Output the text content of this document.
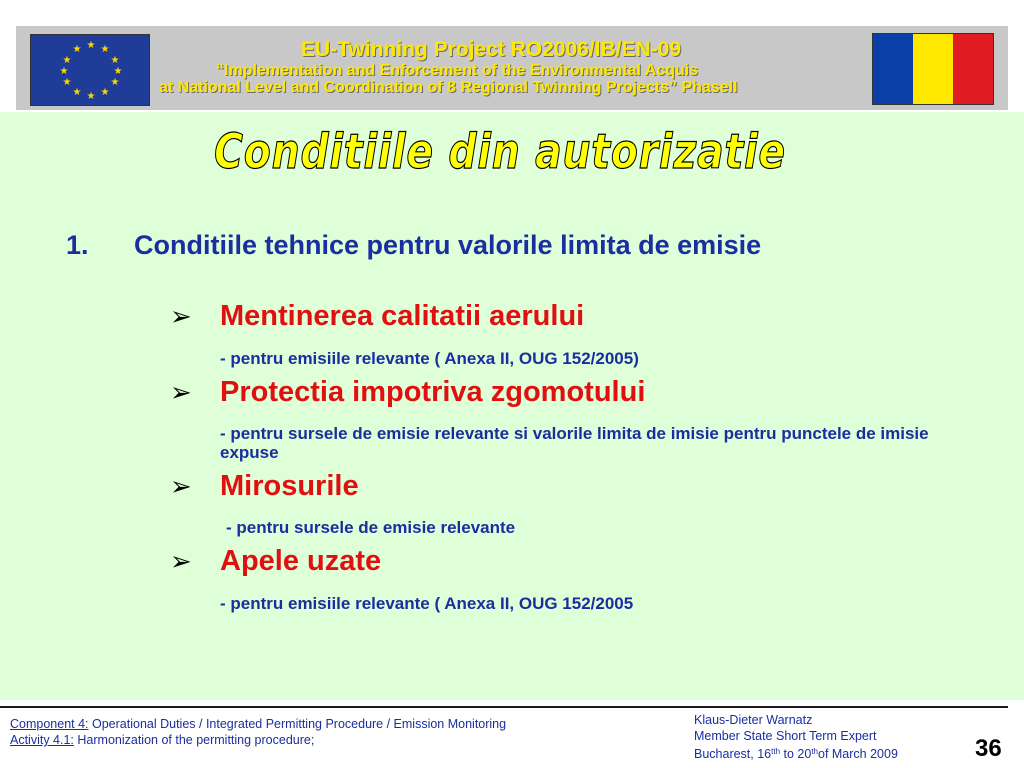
★ ★
★
★
★
★
★
★
★
★
★
★	EU-Twinning Project RO2006/IB/EN-09
“Implementation and Enforcement of the Environmental Acquis
at National Level and Coordination of 8 Regional Twinning Projects” PhaseII
Conditiile din autorizatie
1. Conditiile tehnice pentru valorile limita de emisie
➢ Mentinerea calitatii aerului
- pentru emisiile relevante ( Anexa II, OUG 152/2005)
➢ Protectia impotriva zgomotului
- pentru sursele de emisie relevante si valorile limita de imisie pentru punctele de imisie expuse
➢ Mirosurile
- pentru sursele de emisie relevante
➢ Apele uzate
- pentru emisiile relevante ( Anexa II, OUG 152/2005
Component 4: Operational Duties / Integrated Permitting Procedure / Emission Monitoring
Activity 4.1: Harmonization of the permitting procedure;
Klaus-Dieter Warnatz
Member State Short Term Expert
Bucharest, $16^{tth}$ to 20thof March 2009	36
